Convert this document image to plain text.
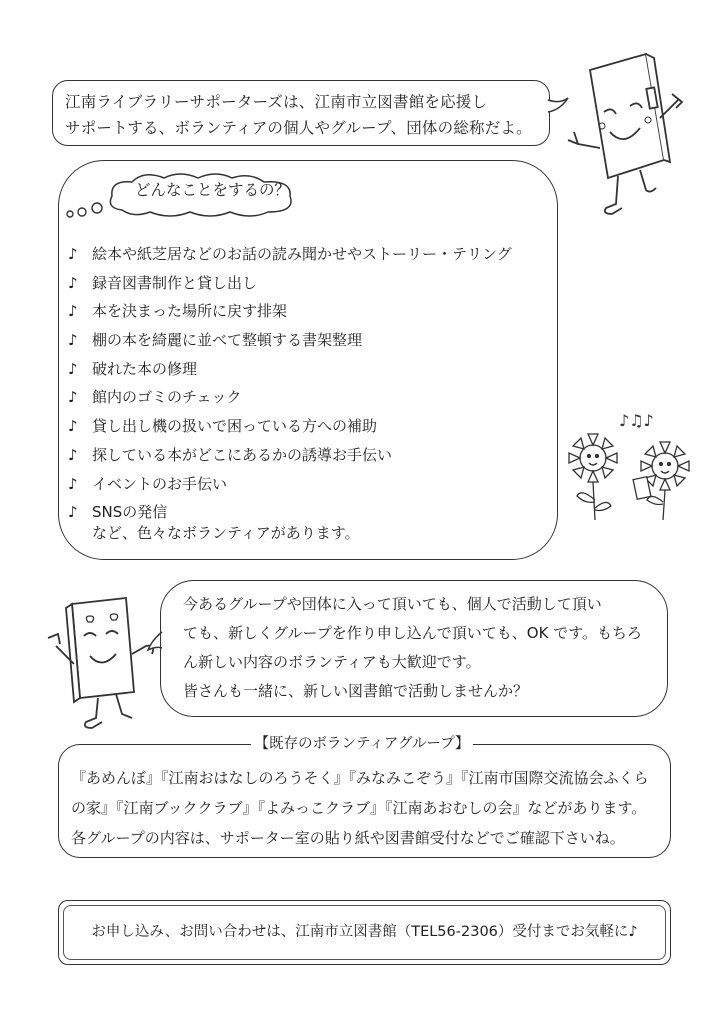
江南ライブラリーサポーターズは、江南市立図書館を応援し

サポートする、ボランティアの個人やグループ、団体の総称だよ。

どんなことをするの？
♪ 絵本や紙芝居などのお話の読み聞かせやストーリー・テリング
♪ 録音図書制作と貸し出し
♪ 本を決まった場所に戻す排架
♪ 棚の本を綺麗に並べて整頓する書架整理
♪ 破れた本の修理
♪ 館内のゴミのチェック
♪ 貸し出し機の扱いで困っている方への補助
♪ 探している本がどこにあるかの誘導お手伝い
♪ イベントのお手伝い
♪ SNSの発信
など、色々なボランティアがあります。
♪♫♪

今あるグループや団体に入って頂いても、個人で活動して頂い

ても、新しくグループを作り申し込んで頂いても、OK です。もちろ

ん新しい内容のボランティアも大歓迎です。

皆さんも一緒に、新しい図書館で活動しませんか？

『あめんぼ』『江南おはなしのろうそく』『みなみこぞう』『江南市国際交流協会ふくら

の家』『江南ブッククラブ』『よみっこクラブ』『江南あおむしの会』などがあります。

各グループの内容は、サポーター室の貼り紙や図書館受付などでご確認下さいね。

【既存のボランティアグループ】
お申し込み、お問い合わせは、江南市立図書館（TEL56-2306）受付までお気軽に♪
